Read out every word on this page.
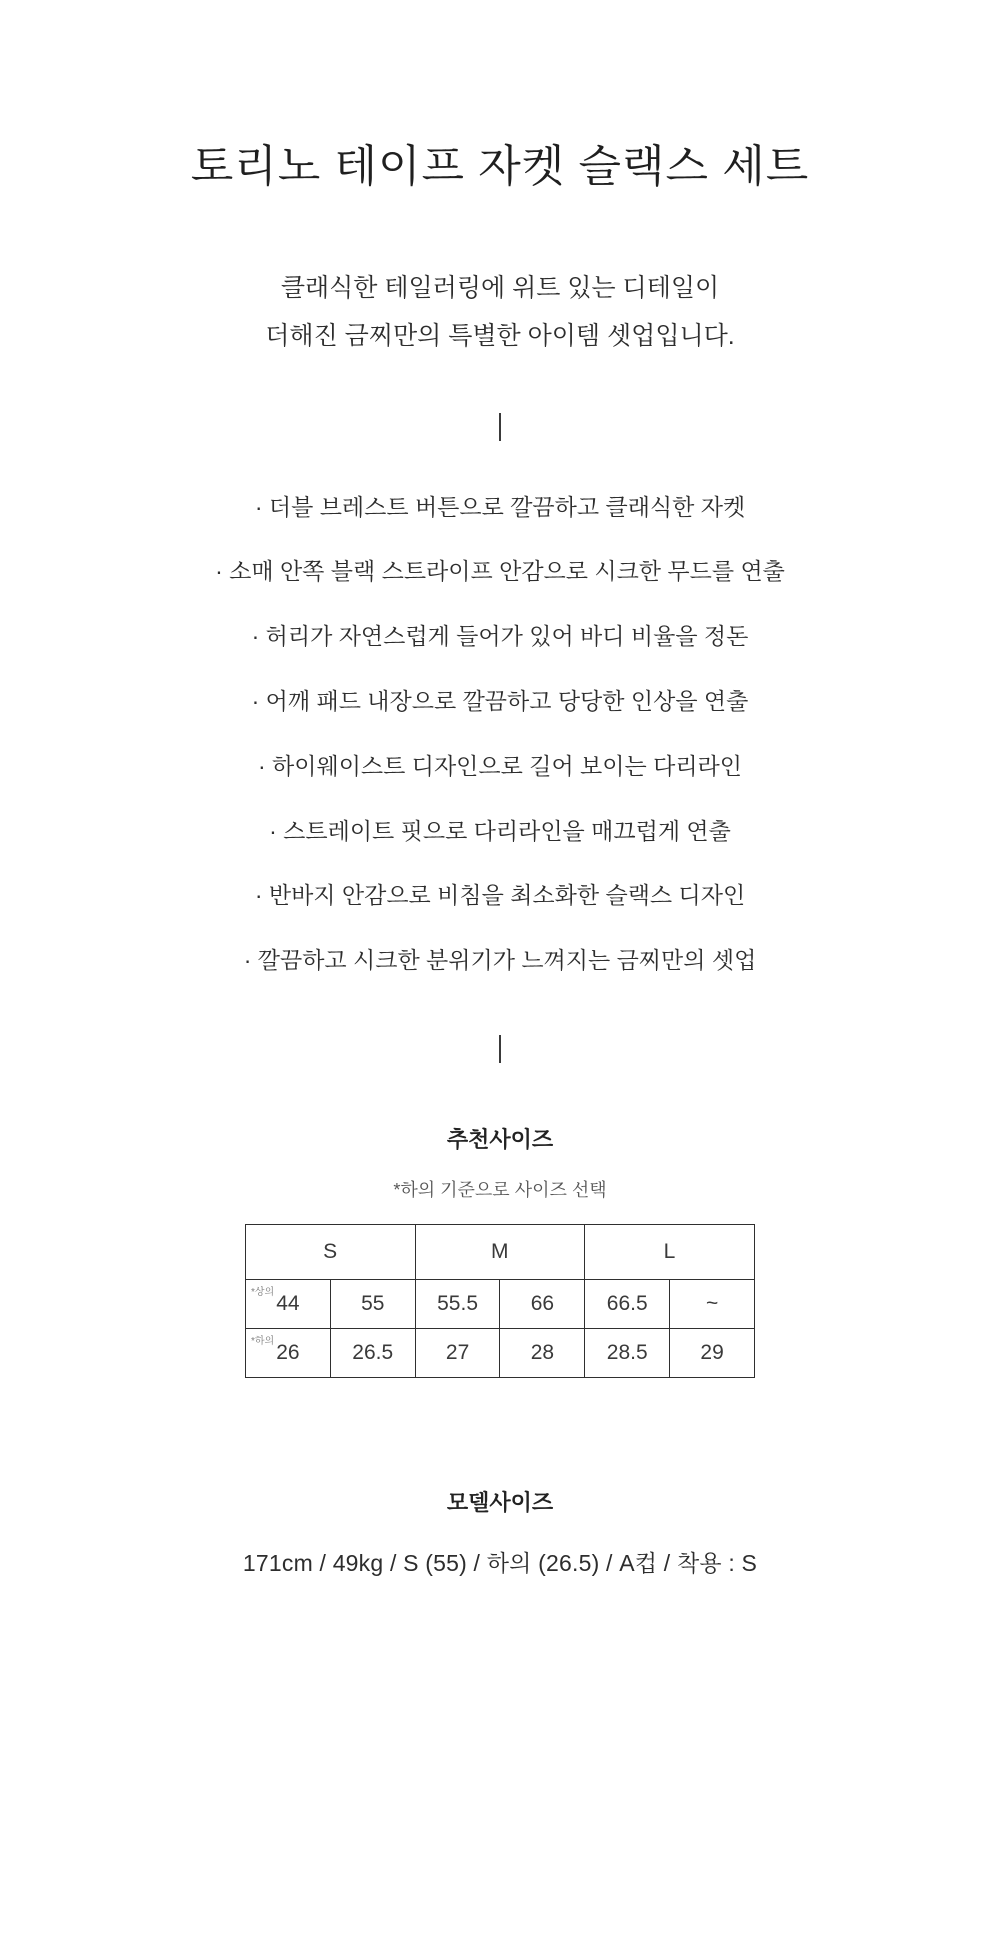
토리노 테이프 자켓 슬랙스 세트
클래식한 테일러링에 위트 있는 디테일이
더해진 금찌만의 특별한 아이템 셋업입니다.
· 더블 브레스트 버튼으로 깔끔하고 클래식한 자켓
· 소매 안쪽 블랙 스트라이프 안감으로 시크한 무드를 연출
· 허리가 자연스럽게 들어가 있어 바디 비율을 정돈
· 어깨 패드 내장으로 깔끔하고 당당한 인상을 연출
· 하이웨이스트 디자인으로 길어 보이는 다리라인
· 스트레이트 핏으로 다리라인을 매끄럽게 연출
· 반바지 안감으로 비침을 최소화한 슬랙스 디자인
· 깔끔하고 시크한 분위기가 느껴지는 금찌만의 셋업
추천사이즈

*하의 기준으로 사이즈 선택

S		M		L	

*상의 44	55	55.5	66	66.5	~

*하의 26	26.5	27	28	28.5	29
모델사이즈

171cm / 49kg / S (55) / 하의 (26.5) / A컵 / 착용 : S
